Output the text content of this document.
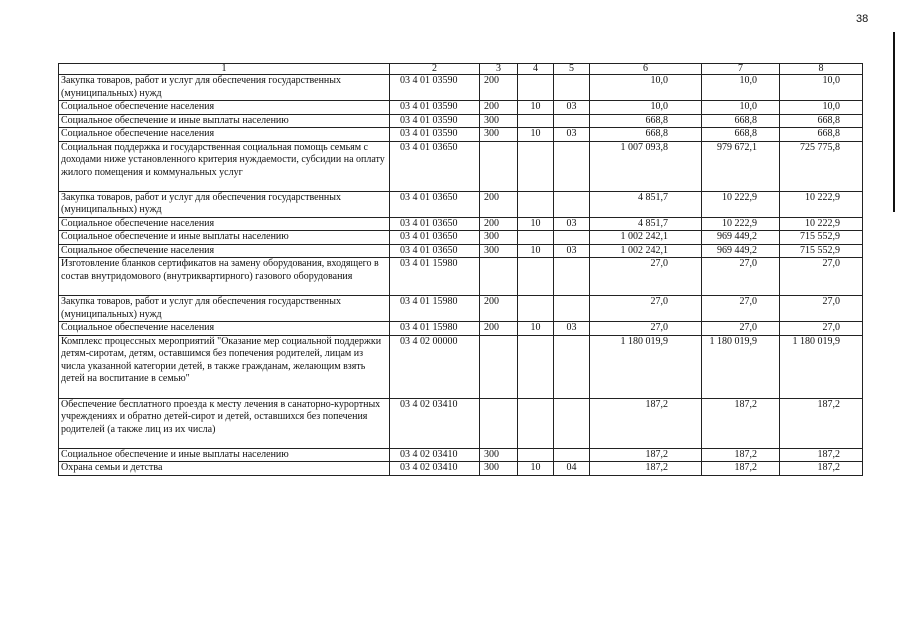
38
1	2	3	4	5	6	7	8
Закупка товаров, работ и услуг для обеспечения государственных (муниципальных) нужд	03 4 01 03590	200			10,0	10,0	10,0
Социальное обеспечение населения	03 4 01 03590	200	10	03	10,0	10,0	10,0
Социальное обеспечение и иные выплаты населению	03 4 01 03590	300			668,8	668,8	668,8
Социальное обеспечение населения	03 4 01 03590	300	10	03	668,8	668,8	668,8
Социальная поддержка и государственная социальная помощь семьям с доходами ниже установленного критерия нуждаемости, субсидии на оплату жилого помещения и коммунальных услуг	03 4 01 03650				1 007 093,8	979 672,1	725 775,8
Закупка товаров, работ и услуг для обеспечения государственных (муниципальных) нужд	03 4 01 03650	200			4 851,7	10 222,9	10 222,9
Социальное обеспечение населения	03 4 01 03650	200	10	03	4 851,7	10 222,9	10 222,9
Социальное обеспечение и иные выплаты населению	03 4 01 03650	300			1 002 242,1	969 449,2	715 552,9
Социальное обеспечение населения	03 4 01 03650	300	10	03	1 002 242,1	969 449,2	715 552,9
Изготовление бланков сертификатов на замену оборудования, входящего в состав внутридомового (внутриквартирного) газового оборудования	03 4 01 15980				27,0	27,0	27,0
Закупка товаров, работ и услуг для обеспечения государственных (муниципальных) нужд	03 4 01 15980	200			27,0	27,0	27,0
Социальное обеспечение населения	03 4 01 15980	200	10	03	27,0	27,0	27,0
Комплекс процессных мероприятий "Оказание мер социальной поддержки детям-сиротам, детям, оставшимся без попечения родителей, лицам из числа указанной категории детей, в также гражданам, желающим взять детей на воспитание в семью"	03 4 02 00000				1 180 019,9	1 180 019,9	1 180 019,9
Обеспечение бесплатного проезда к месту лечения в санаторно-курортных учреждениях и обратно детей-сирот и детей, оставшихся без попечения родителей (а также лиц из их числа)	03 4 02 03410				187,2	187,2	187,2
Социальное обеспечение и иные выплаты населению	03 4 02 03410	300			187,2	187,2	187,2
Охрана семьи и детства	03 4 02 03410	300	10	04	187,2	187,2	187,2
